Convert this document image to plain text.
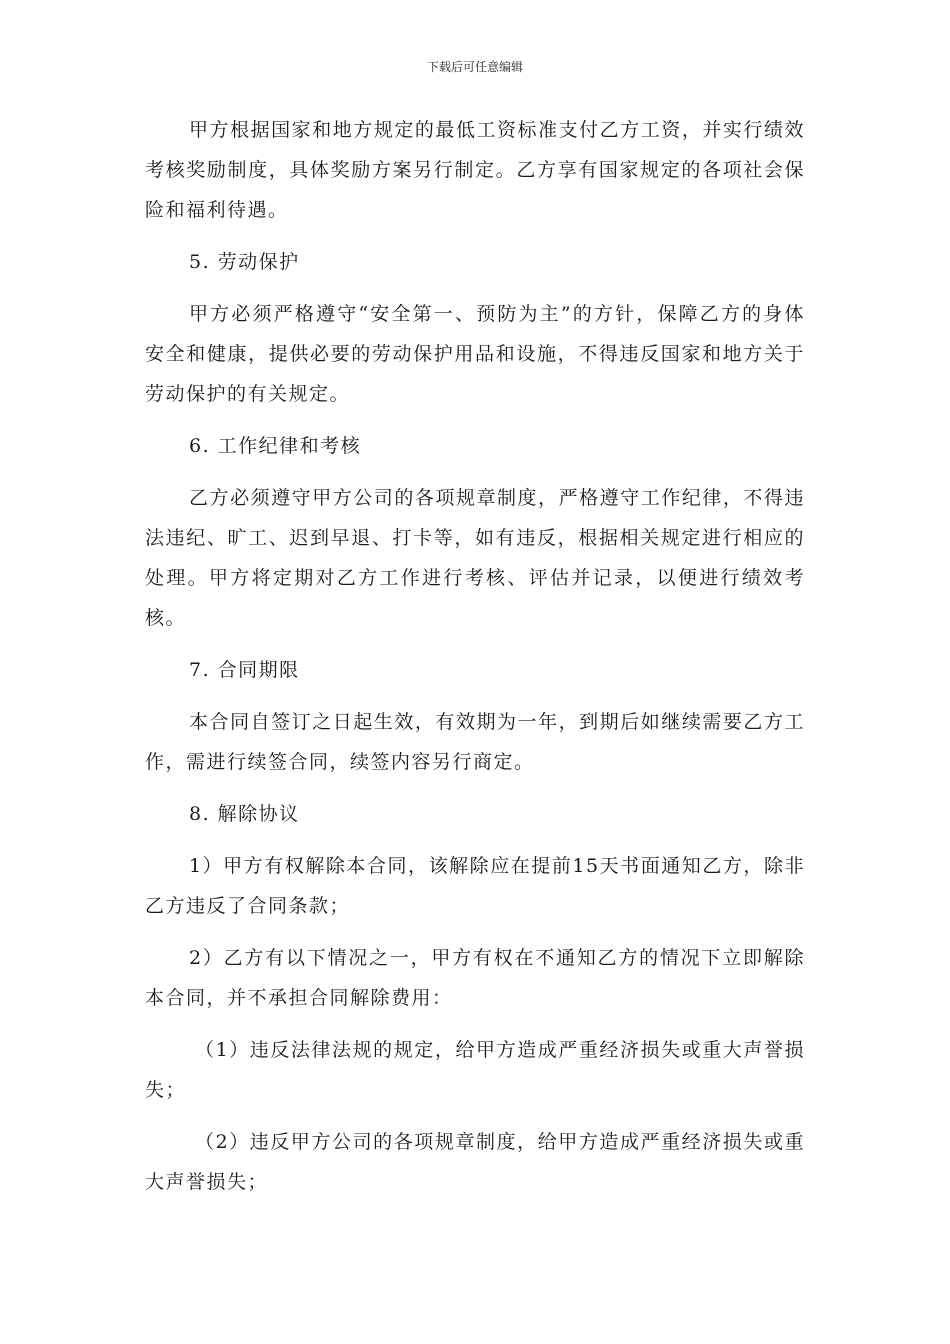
下载后可任意编辑

甲方根据国家和地方规定的最低工资标准支付乙方工资，并实行绩效考核奖励制度，具体奖励方案另行制定。乙方享有国家规定的各项社会保险和福利待遇。

5. 劳动保护

甲方必须严格遵守“安全第一、预防为主”的方针，保障乙方的身体安全和健康，提供必要的劳动保护用品和设施，不得违反国家和地方关于劳动保护的有关规定。

6. 工作纪律和考核

乙方必须遵守甲方公司的各项规章制度，严格遵守工作纪律，不得违法违纪、旷工、迟到早退、打卡等，如有违反，根据相关规定进行相应的处理。甲方将定期对乙方工作进行考核、评估并记录，以便进行绩效考核。

7. 合同期限

本合同自签订之日起生效，有效期为一年，到期后如继续需要乙方工作，需进行续签合同，续签内容另行商定。

8. 解除协议

1）甲方有权解除本合同，该解除应在提前15天书面通知乙方，除非乙方违反了合同条款；

2）乙方有以下情况之一，甲方有权在不通知乙方的情况下立即解除本合同，并不承担合同解除费用：

（1）违反法律法规的规定，给甲方造成严重经济损失或重大声誉损失；

（2）违反甲方公司的各项规章制度，给甲方造成严重经济损失或重大声誉损失；
